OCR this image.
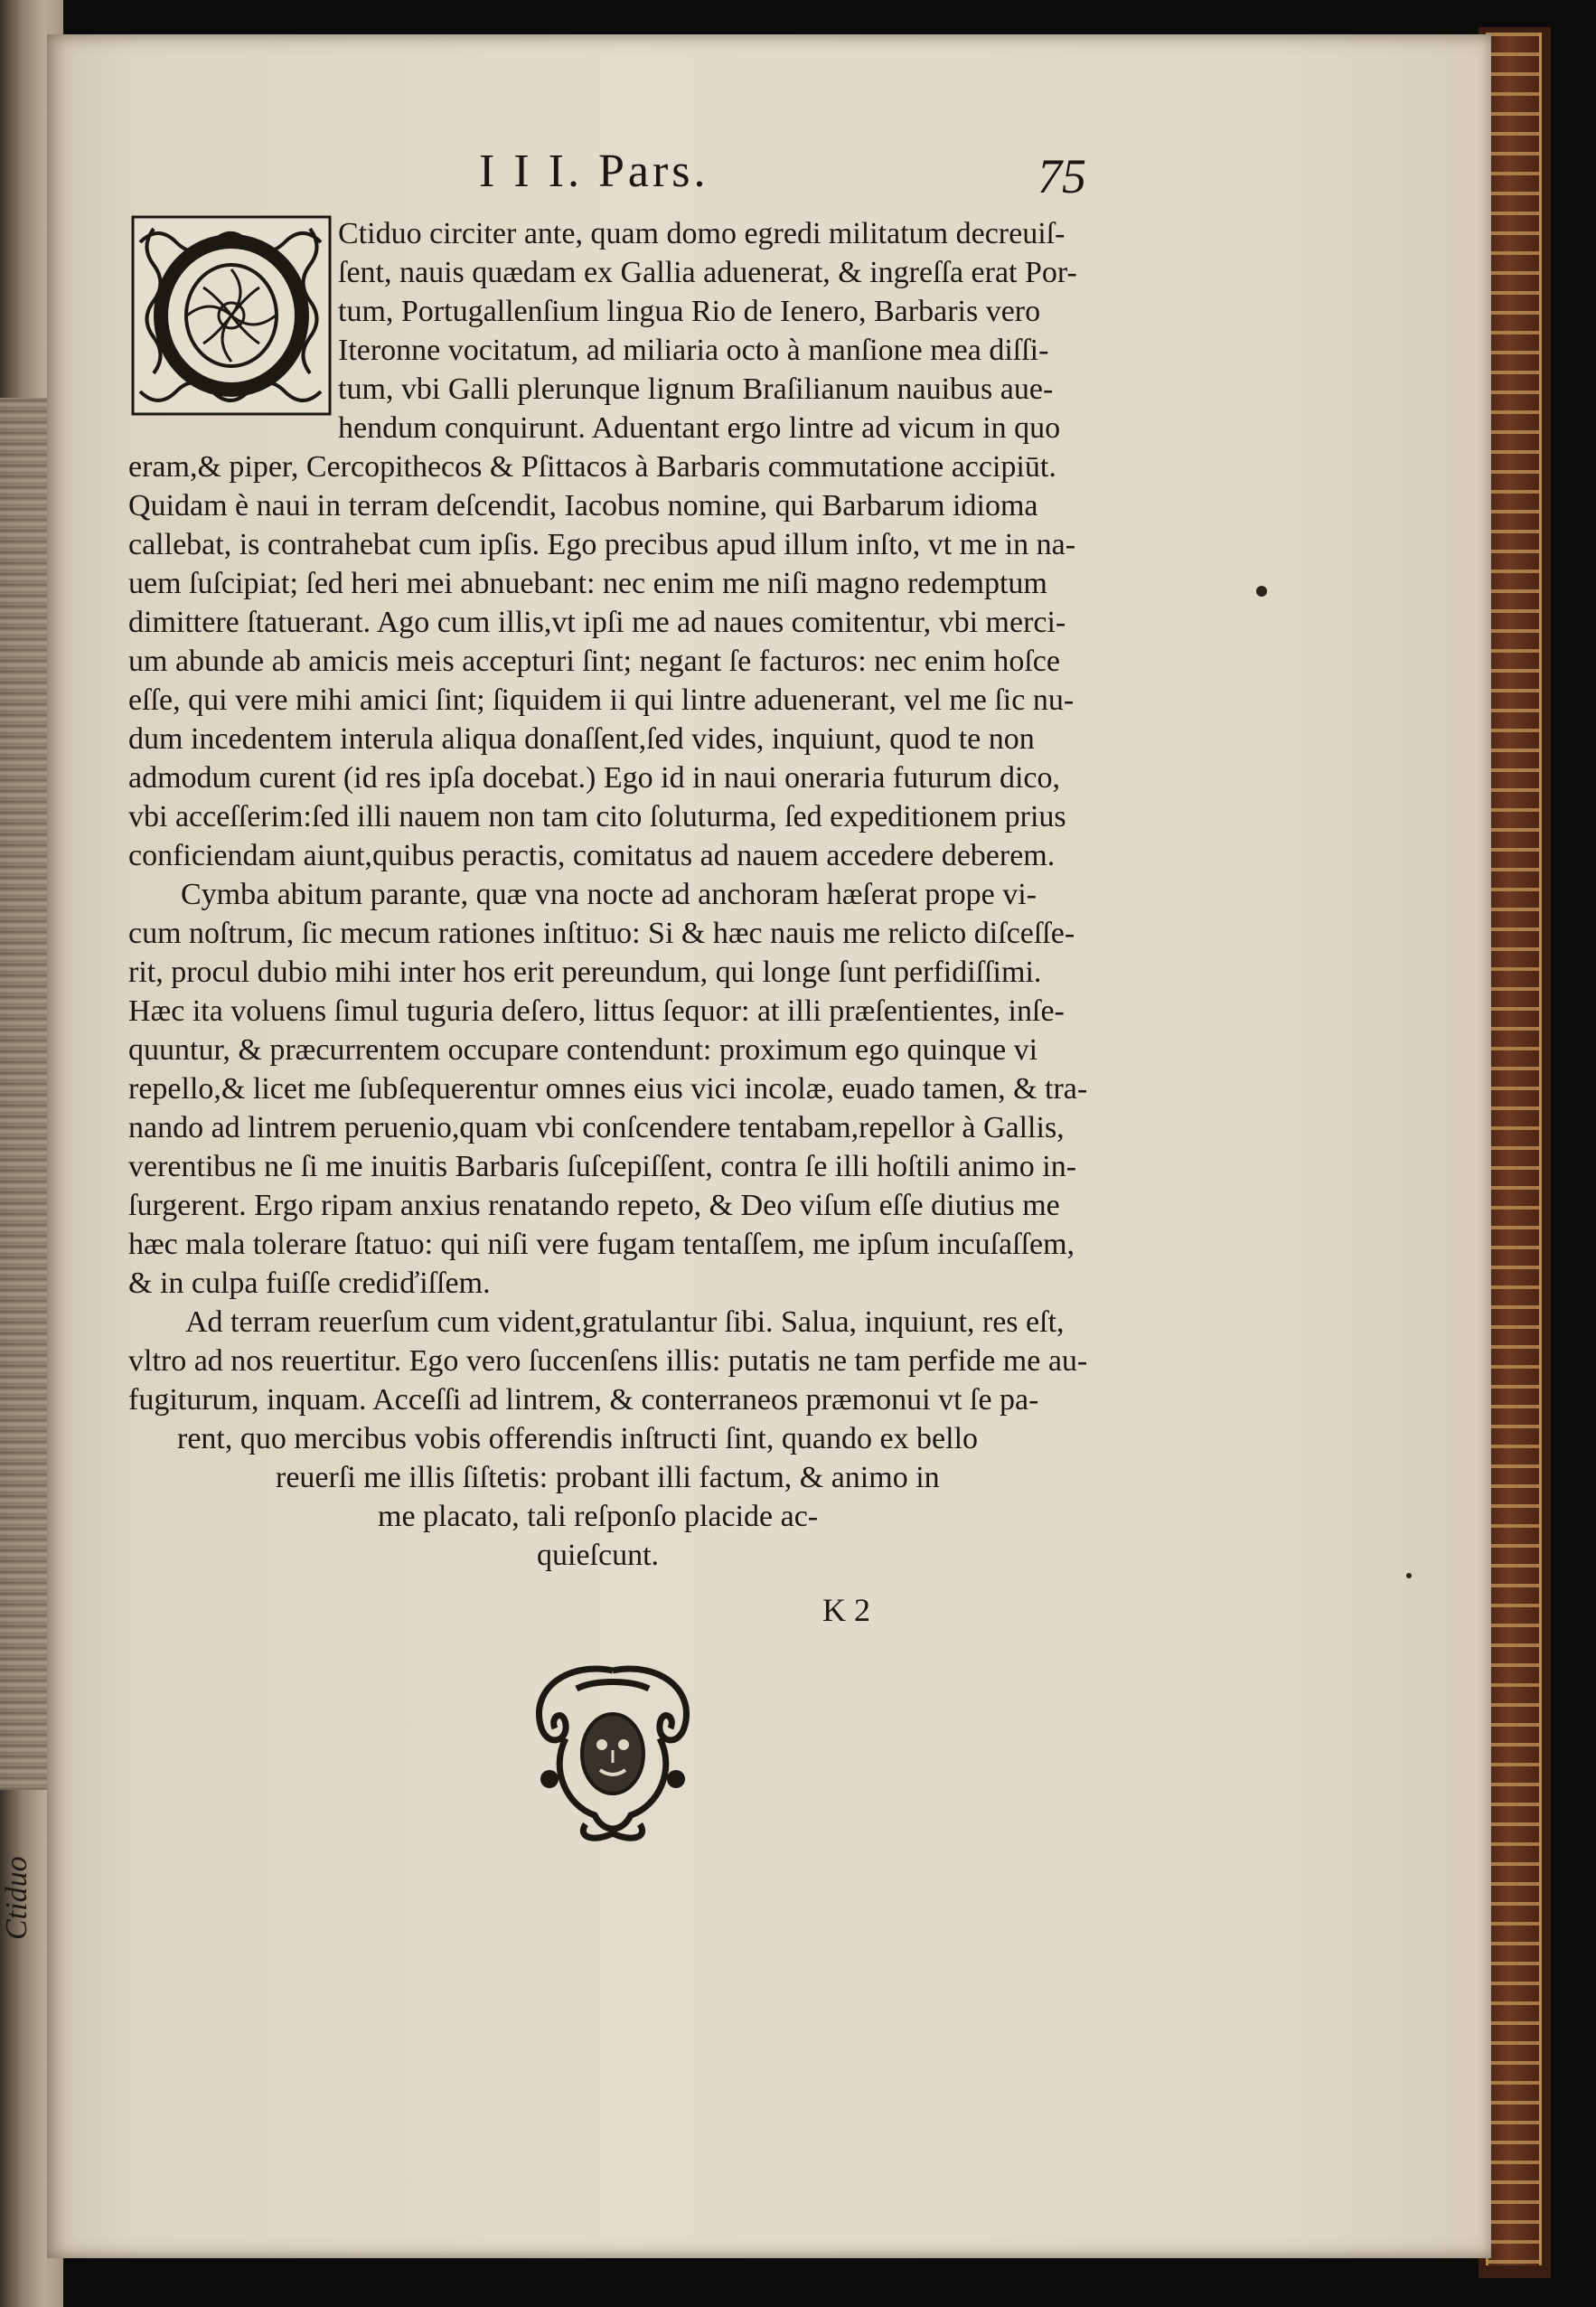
Ctiduo
I I I. Pars.	75
Ctiduo circiter ante, quam domo egredi militatum decreuiſ-
ſent, nauis quædam ex Gallia aduenerat, & ingreſſa erat Por-
tum, Portugallenſium lingua Rio de Ienero, Barbaris vero
Iteronne vocitatum, ad miliaria octo à manſione mea diſſi-
tum, vbi Galli plerunque lignum Braſilianum nauibus aue-
hendum conquirunt. Aduentant ergo lintre ad vicum in quo
eram,& piper, Cercopithecos & Pſittacos à Barbaris commutatione accipiūt.
Quidam è naui in terram deſcendit, Iacobus nomine, qui Barbarum idioma
callebat, is contrahebat cum ipſis. Ego precibus apud illum inſto, vt me in na-
uem ſuſcipiat; ſed heri mei abnuebant: nec enim me niſi magno redemptum
dimittere ſtatuerant. Ago cum illis,vt ipſi me ad naues comitentur, vbi merci-
um abunde ab amicis meis accepturi ſint; negant ſe facturos: nec enim hoſce
eſſe, qui vere mihi amici ſint; ſiquidem ii qui lintre aduenerant, vel me ſic nu-
dum incedentem interula aliqua donaſſent,ſed vides, inquiunt, quod te non
admodum curent (id res ipſa docebat.) Ego id in naui oneraria futurum dico,
vbi acceſſerim:ſed illi nauem non tam cito ſoluturma, ſed expeditionem prius
conficiendam aiunt,quibus peractis, comitatus ad nauem accedere deberem.
Cymba abitum parante, quæ vna nocte ad anchoram hæſerat prope vi-
cum noſtrum, ſic mecum rationes inſtituo: Si & hæc nauis me relicto diſceſſe-
rit, procul dubio mihi inter hos erit pereundum, qui longe ſunt perfidiſſimi.
Hæc ita voluens ſimul tuguria deſero, littus ſequor: at illi præſentientes, inſe-
quuntur, & præcurrentem occupare contendunt: proximum ego quinque vi
repello,& licet me ſubſequerentur omnes eius vici incolæ, euado tamen, & tra-
nando ad lintrem peruenio,quam vbi conſcendere tentabam,repellor à Gallis,
verentibus ne ſi me inuitis Barbaris ſuſcepiſſent, contra ſe illi hoſtili animo in-
ſurgerent. Ergo ripam anxius renatando repeto, & Deo viſum eſſe diutius me
hæc mala tolerare ſtatuo: qui niſi vere fugam tentaſſem, me ipſum incuſaſſem,
& in culpa fuiſſe crediďiſſem.
Ad terram reuerſum cum vident,gratulantur ſibi. Salua, inquiunt, res eſt,
vltro ad nos reuertitur. Ego vero ſuccenſens illis: putatis ne tam perfide me au-
fugiturum, inquam. Acceſſi ad lintrem, & conterraneos præmonui vt ſe pa-
rent, quo mercibus vobis offerendis inſtructi ſint, quando ex bello
reuerſi me illis ſiſtetis: probant illi factum, & animo in
me placato, tali reſponſo placide ac-
quieſcunt.
K 2
